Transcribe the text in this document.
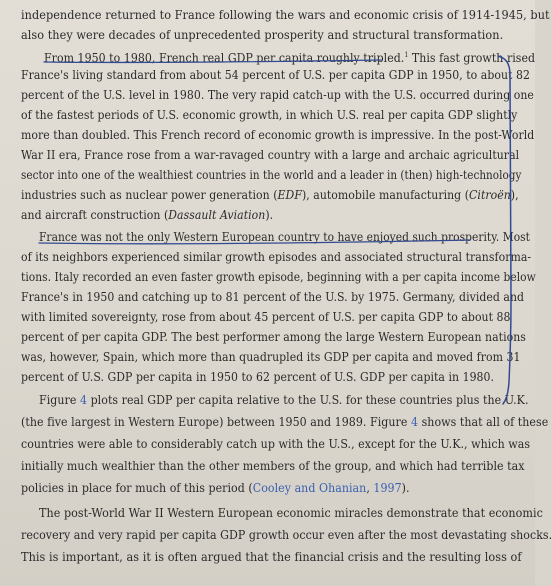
independence returned to France following the wars and economic crisis of 1914-1945, but
also they were decades of unprecedented prosperity and structural transformation.
From 1950 to 1980, French real GDP per capita roughly tripled.$^1$ This fast growth rised
France's living standard from about 54 percent of U.S. per capita GDP in 1950, to about 82
percent of the U.S. level in 1980. The very rapid catch-up with the U.S. occurred during one
of the fastest periods of U.S. economic growth, in which U.S. real per capita GDP slightly
more than doubled. This French record of economic growth is impressive. In the post-World
War II era, France rose from a war-ravaged country with a large and archaic agricultural
sector into one of the wealthiest countries in the world and a leader in (then) high-technology
industries such as nuclear power generation (EDF), automobile manufacturing (Citroën),
and aircraft construction (Dassault Aviation).
France was not the only Western European country to have enjoyed such prosperity. Most
of its neighbors experienced similar growth episodes and associated structural transforma-
tions. Italy recorded an even faster growth episode, beginning with a per capita income below
France's in 1950 and catching up to 81 percent of the U.S. by 1975. Germany, divided and
with limited sovereignty, rose from about 45 percent of U.S. per capita GDP to about 88
percent of per capita GDP. The best performer among the large Western European nations
was, however, Spain, which more than quadrupled its GDP per capita and moved from 31
percent of U.S. GDP per capita in 1950 to 62 percent of U.S. GDP per capita in 1980.
Figure 4 plots real GDP per capita relative to the U.S. for these countries plus the U.K.
(the five largest in Western Europe) between 1950 and 1989. Figure 4 shows that all of these
countries were able to considerably catch up with the U.S., except for the U.K., which was
initially much wealthier than the other members of the group, and which had terrible tax
policies in place for much of this period (Cooley and Ohanian, 1997).
The post-World War II Western European economic miracles demonstrate that economic
recovery and very rapid per capita GDP growth occur even after the most devastating shocks.
This is important, as it is often argued that the financial crisis and the resulting loss of
